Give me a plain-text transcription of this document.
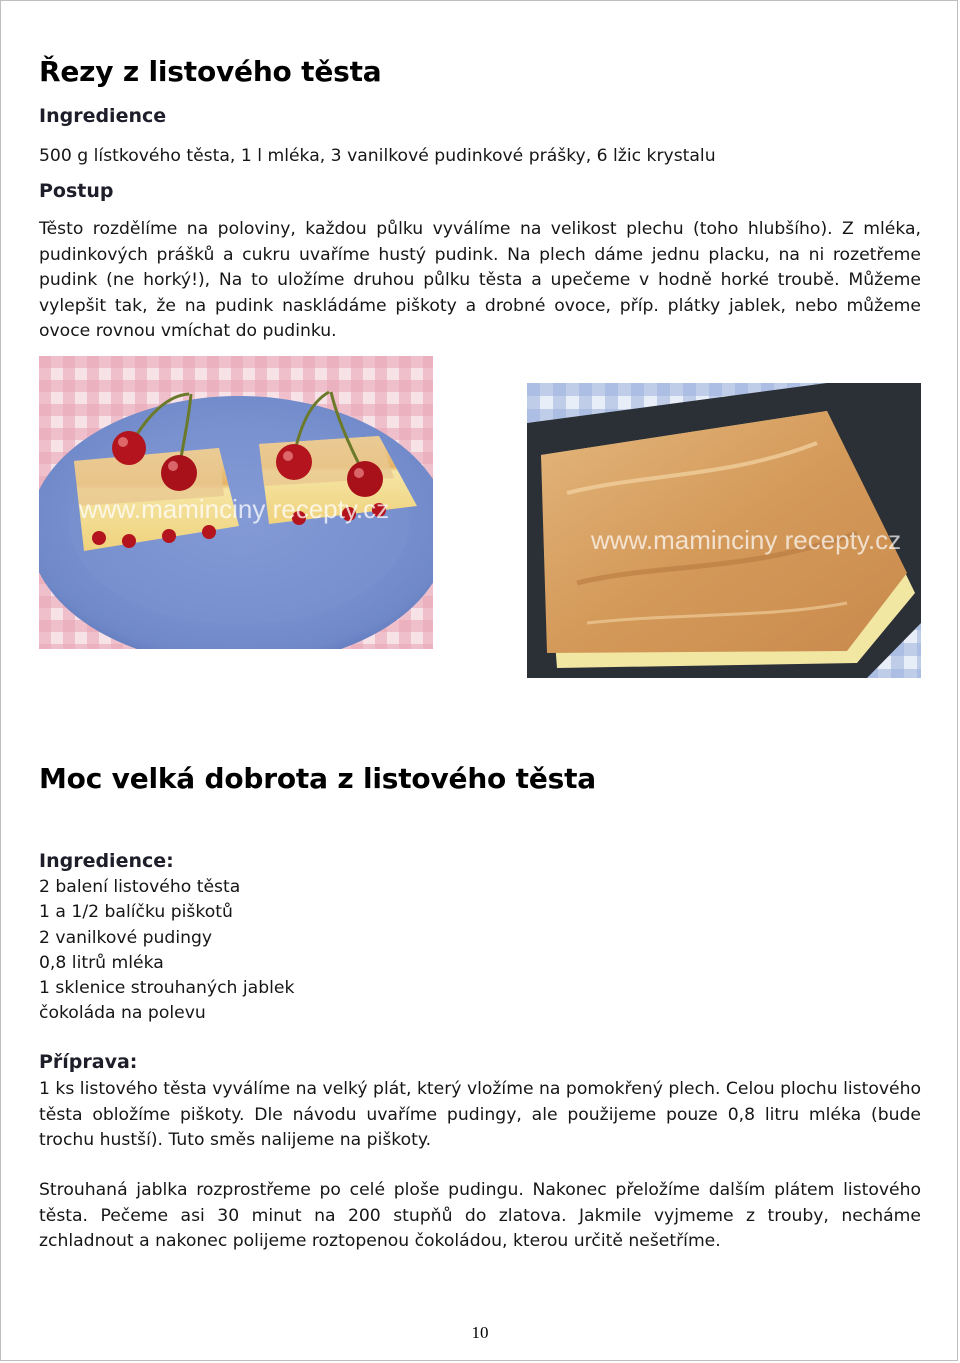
Řezy z listového těsta
Ingredience
500 g lístkového těsta, 1 l mléka, 3 vanilkové pudinkové prášky, 6 lžic krystalu
Postup
Těsto rozdělíme na poloviny, každou půlku vyválíme na velikost plechu (toho hlubšího). Z mléka, pudinkových prášků a cukru uvaříme hustý pudink. Na plech dáme jednu placku, na ni rozetřeme pudink (ne horký!), Na to uložíme druhou půlku těsta a upečeme v hodně horké troubě. Můžeme vylepšit tak, že na pudink naskládáme piškoty a drobné ovoce, příp. plátky jablek, nebo můžeme ovoce rovnou vmíchat do pudinku.
www.maminciny recepty.cz
www.maminciny recepty.cz
Moc velká dobrota z listového těsta
Ingredience:
2 balení listového těsta
1 a 1/2 balíčku piškotů
2 vanilkové pudingy
0,8 litrů mléka
1 sklenice strouhaných jablek
čokoláda na polevu
Příprava:
1 ks listového těsta vyválíme na velký plát, který vložíme na pomokřený plech. Celou plochu listového těsta obložíme piškoty. Dle návodu uvaříme pudingy, ale použijeme pouze 0,8 litru mléka (bude trochu hustší). Tuto směs nalijeme na piškoty.
Strouhaná jablka rozprostřeme po celé ploše pudingu. Nakonec přeložíme dalším plátem listového těsta. Pečeme asi 30 minut na 200 stupňů do zlatova. Jakmile vyjmeme z trouby, necháme zchladnout a nakonec polijeme roztopenou čokoládou, kterou určitě nešetříme.
10
